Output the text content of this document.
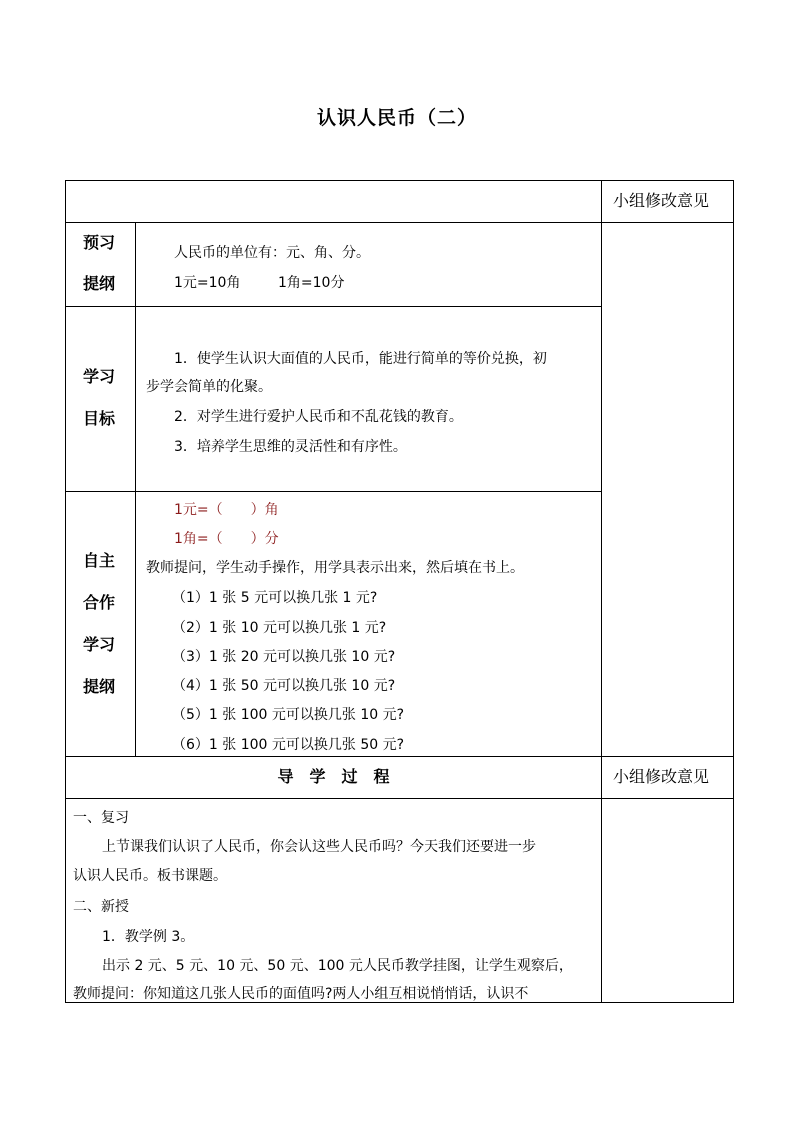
认识人民币（二）
小组修改意见
预习
提纲
人民币的单位有：元、角、分。
1元=10角	1角=10分
学习
目标
1．使学生认识大面值的人民币，能进行简单的等价兑换，初
步学会简单的化聚。
2．对学生进行爱护人民币和不乱花钱的教育。
3．培养学生思维的灵活性和有序性。
自主
合作
学习
提纲
1元=（　　）角
1角=（　　）分
教师提问，学生动手操作，用学具表示出来，然后填在书上。
（1）1 张 5 元可以换几张 1 元?
（2）1 张 10 元可以换几张 1 元?
（3）1 张 20 元可以换几张 10 元?
（4）1 张 50 元可以换几张 10 元?
（5）1 张 100 元可以换几张 10 元?
（6）1 张 100 元可以换几张 50 元?
导　学　过　程	小组修改意见
一、复习
上节课我们认识了人民币，你会认这些人民币吗？今天我们还要进一步
认识人民币。板书课题。
二、新授
1．教学例 3。
出示 2 元、5 元、10 元、50 元、100 元人民币教学挂图，让学生观察后，
教师提问：你知道这几张人民币的面值吗?两人小组互相说悄悄话，认识不
